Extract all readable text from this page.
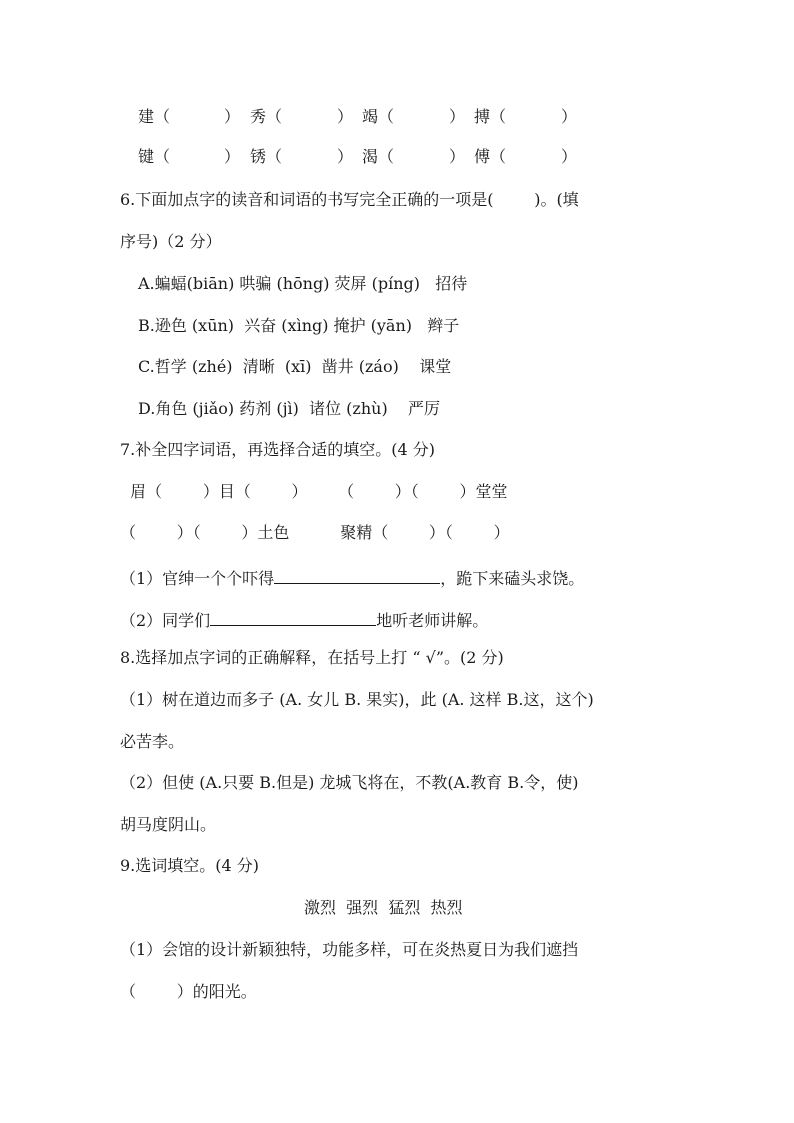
建（	） 秀（	） 竭（	） 搏（	）
键（	） 锈（	） 渴（	） 傅（	）
6.下面加点字的读音和词语的书写完全正确的一项是(        )。(填
序号)（2 分）
A.蝙蝠(biān) 哄骗 (hōng) 荧屏 (píng)   招待
B.逊色 (xūn)  兴奋 (xìng) 掩护 (yān)   辫子
C.哲学 (zhé)  清晰  (xī)  凿井 (záo)    课堂
D.角色 (jiǎo) 药剂 (jì)  诸位 (zhù)    严厉
7.补全四字词语，再选择合适的填空。(4 分)
眉（        ）目（        ）      （        ）（        ）堂堂
（        ）（        ）土色          聚精（        ）（        ）
（1）官绅一个个吓得	，跪下来磕头求饶。
（2）同学们	地听老师讲解。
8.选择加点字词的正确解释，在括号上打 “ √”。(2 分)
（1）树在道边而多子 (A. 女儿 B. 果实)，此 (A. 这样 B.这，这个)
必苦李。
（2）但使 (A.只要 B.但是) 龙城飞将在，不教(A.教育 B.令，使)
胡马度阴山。
9.选词填空。(4 分)
激烈  强烈  猛烈  热烈
（1）会馆的设计新颖独特，功能多样，可在炎热夏日为我们遮挡
（        ）的阳光。
